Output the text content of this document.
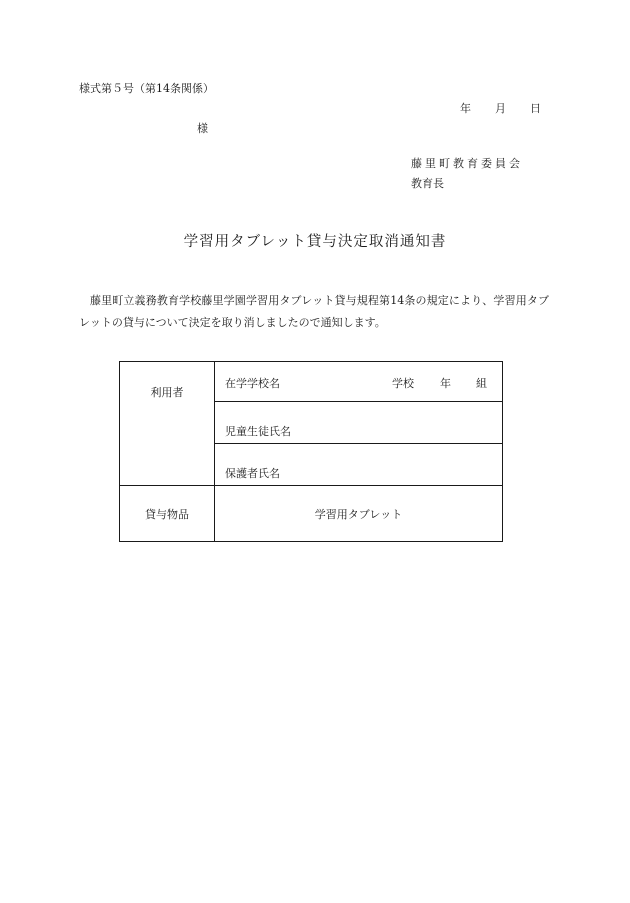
様式第５号（第14条関係）
年 月 日
様
藤里町教育委員会
教育長
学習用タブレット貸与決定取消通知書
藤里町立義務教育学校藤里学園学習用タブレット貸与規程第14条の規定により、学習用タブレットの貸与について決定を取り消しましたので通知します。
利用者	在学学校名 学校 年 組

	児童生徒氏名
	保護者氏名
貸与物品	学習用タブレット
